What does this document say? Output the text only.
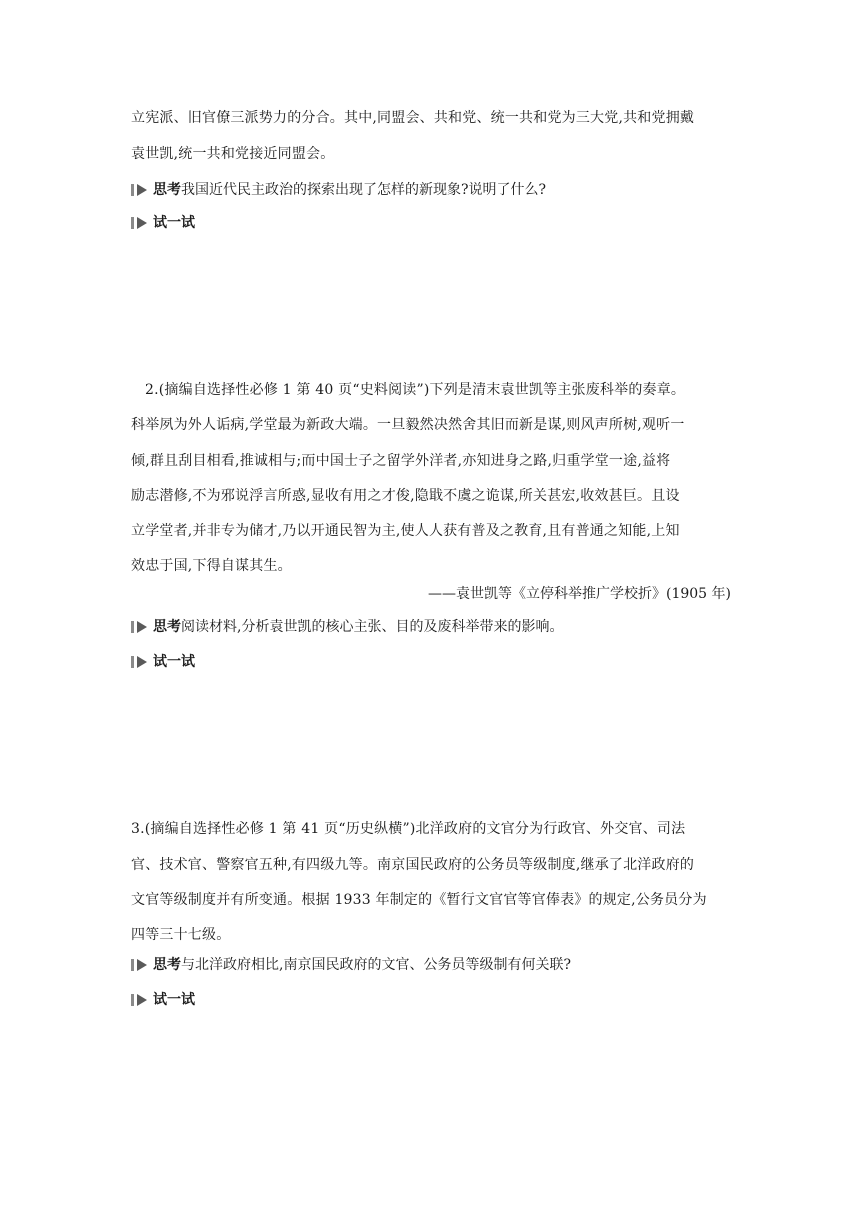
立宪派、旧官僚三派势力的分合。其中,同盟会、共和党、统一共和党为三大党,共和党拥戴
袁世凯,统一共和党接近同盟会。
思考 我国近代民主政治的探索出现了怎样的新现象?说明了什么?
试一试
2.(摘编自选择性必修 1 第 40 页“史料阅读”)下列是清末袁世凯等主张废科举的奏章。
科举夙为外人诟病,学堂最为新政大端。一旦毅然决然舍其旧而新是谋,则风声所树,观听一
倾,群且刮目相看,推诚相与;而中国士子之留学外洋者,亦知进身之路,归重学堂一途,益将
励志潜修,不为邪说浮言所惑,显收有用之才俊,隐戢不虞之诡谋,所关甚宏,收效甚巨。且设
立学堂者,并非专为储才,乃以开通民智为主,使人人获有普及之教育,且有普通之知能,上知
效忠于国,下得自谋其生。
——袁世凯等《立停科举推广学校折》(1905 年)
思考 阅读材料,分析袁世凯的核心主张、目的及废科举带来的影响。
试一试
3.(摘编自选择性必修 1 第 41 页“历史纵横”)北洋政府的文官分为行政官、外交官、司法
官、技术官、警察官五种,有四级九等。南京国民政府的公务员等级制度,继承了北洋政府的
文官等级制度并有所变通。根据 1933 年制定的《暂行文官官等官俸表》的规定,公务员分为
四等三十七级。
思考 与北洋政府相比,南京国民政府的文官、公务员等级制有何关联?
试一试
